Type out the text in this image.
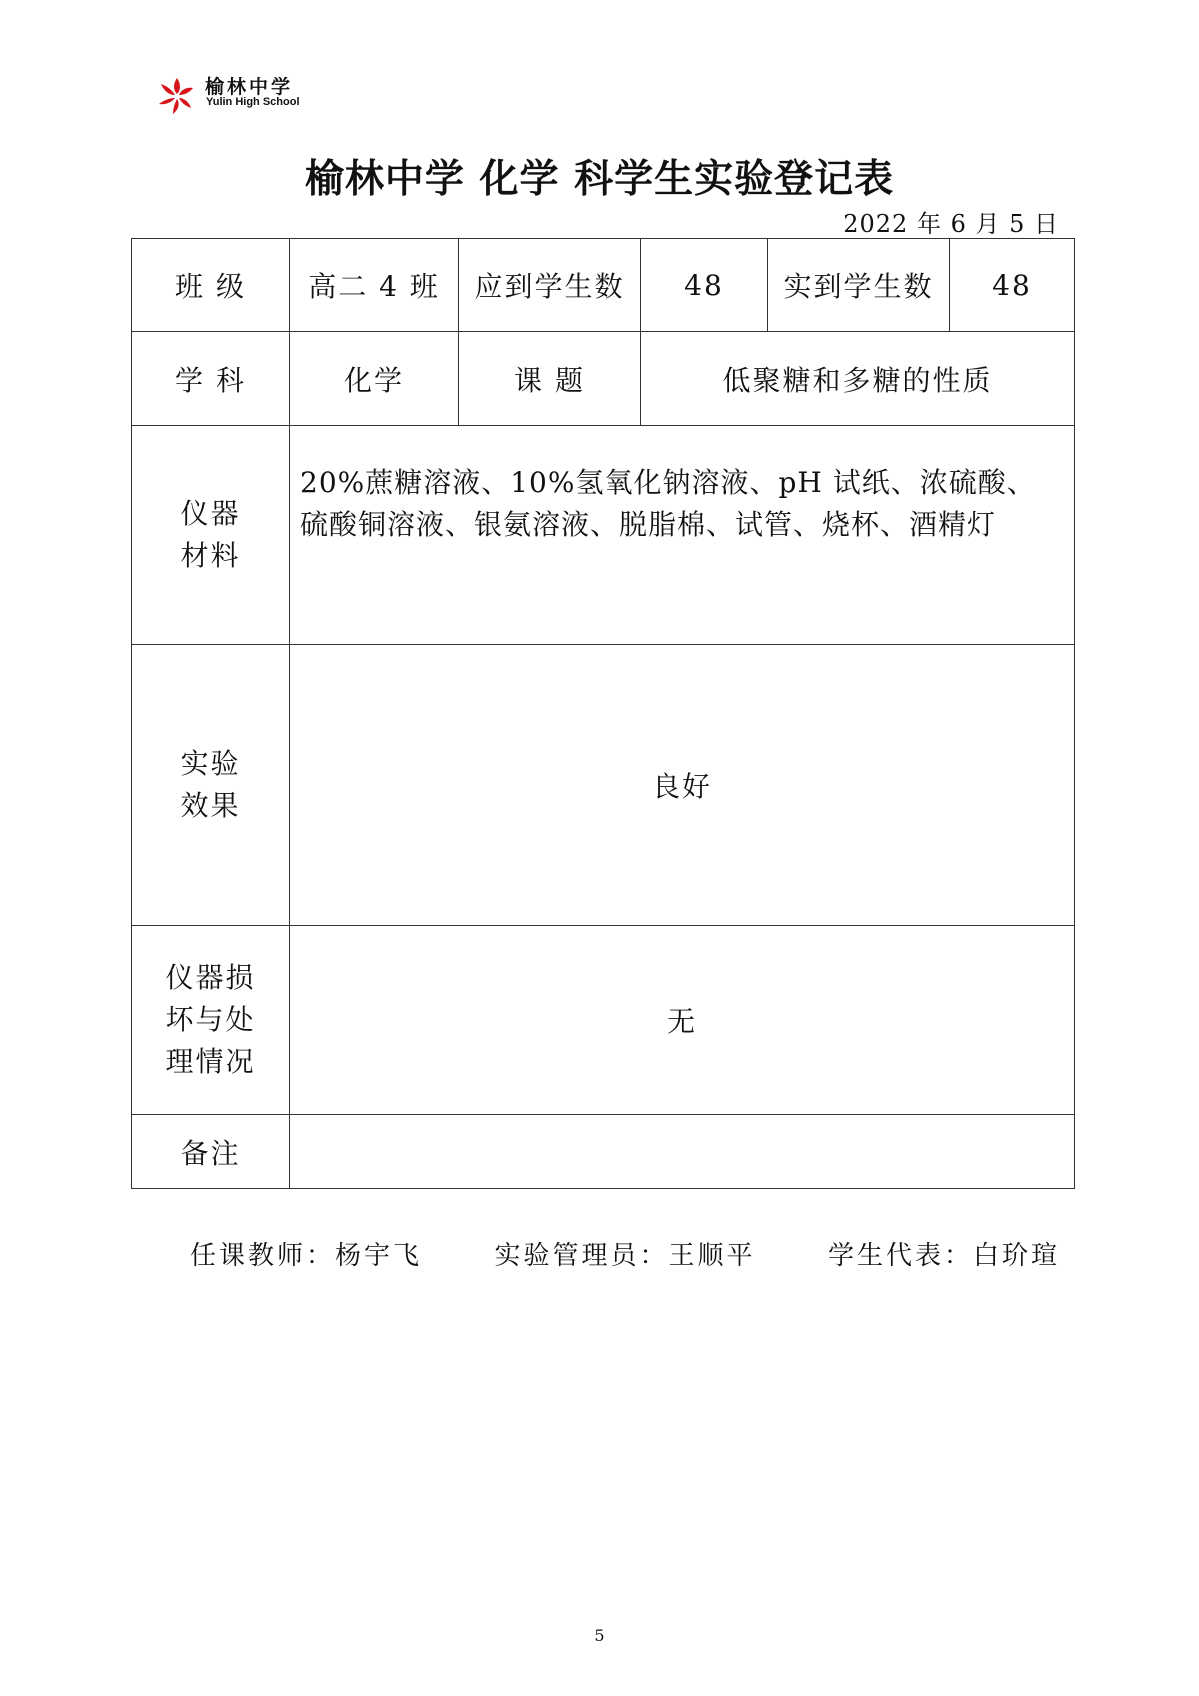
榆林中学
Yulin High School
榆林中学 化学 科学生实验登记表
2022 年 6 月 5 日
班 级	高二 4 班	应到学生数	48	实到学生数	48
学 科	化学	课 题	低聚糖和多糖的性质		

仪器
材料	20%蔗糖溶液、10%氢氧化钠溶液、pH 试纸、浓硫酸、硫酸铜溶液、银氨溶液、脱脂棉、试管、烧杯、酒精灯				

实验
效果	良好				

仪器损
坏与处
理情况	无				
备注					
任课教师：杨宇飞	实验管理员：王顺平	学生代表：白玠瑄
5
